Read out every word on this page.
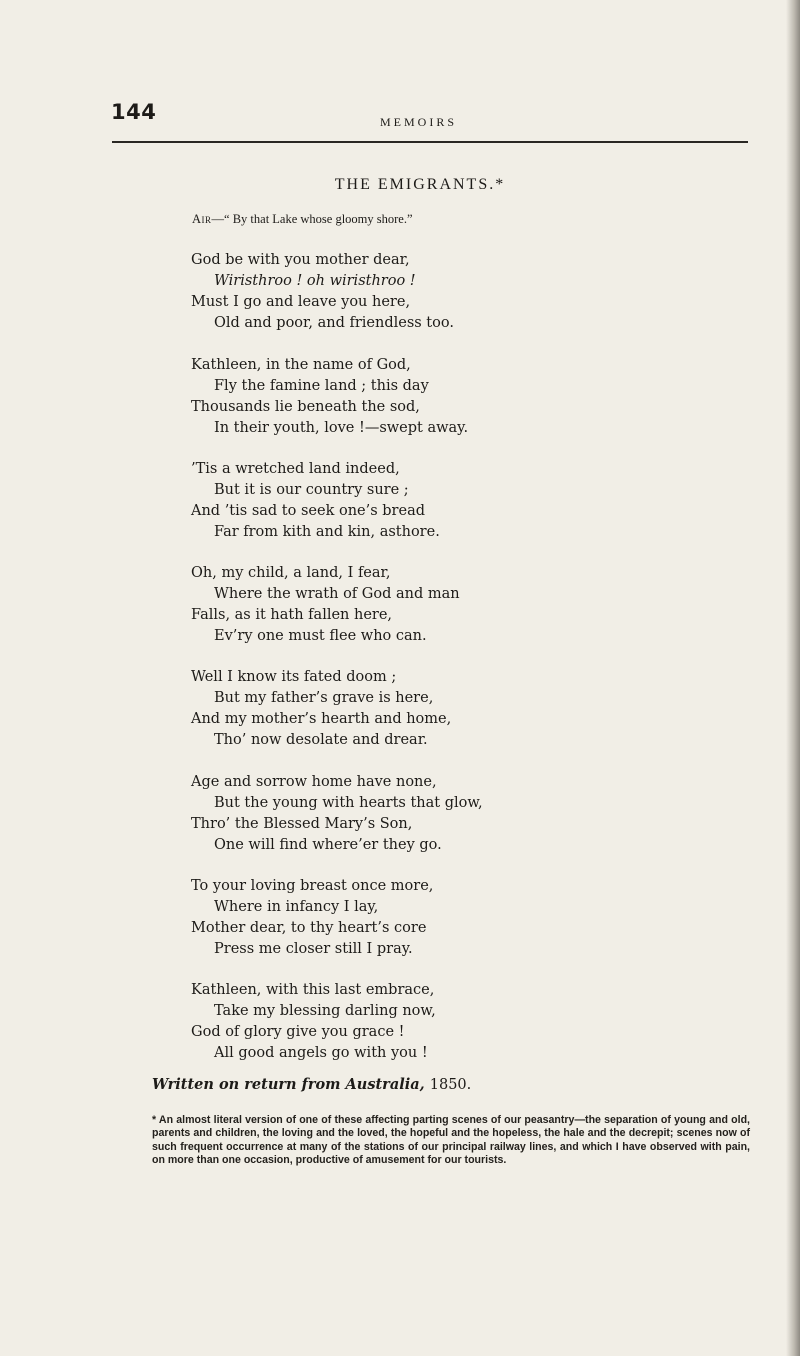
144	MEMOIRS
THE EMIGRANTS.*
Air—“ By that Lake whose gloomy shore.”
God be with you mother dear,
Wiristhroo ! oh wiristhroo !
Must I go and leave you here,
Old and poor, and friendless too.
Kathleen, in the name of God,
Fly the famine land ; this day
Thousands lie beneath the sod,
In their youth, love !—swept away.
’Tis a wretched land indeed,
But it is our country sure ;
And ’tis sad to seek one’s bread
Far from kith and kin, asthore.
Oh, my child, a land, I fear,
Where the wrath of God and man
Falls, as it hath fallen here,
Ev’ry one must flee who can.
Well I know its fated doom ;
But my father’s grave is here,
And my mother’s hearth and home,
Tho’ now desolate and drear.
Age and sorrow home have none,
But the young with hearts that glow,
Thro’ the Blessed Mary’s Son,
One will find where’er they go.
To your loving breast once more,
Where in infancy I lay,
Mother dear, to thy heart’s core
Press me closer still I pray.
Kathleen, with this last embrace,
Take my blessing darling now,
God of glory give you grace !
All good angels go with you !
Written on return from Australia, 1850.
* An almost literal version of one of these affecting parting scenes of our peasantry—the separation of young and old, parents and children, the loving and the loved, the hopeful and the hopeless, the hale and the decrepit; scenes now of such frequent occurrence at many of the stations of our principal railway lines, and which I have observed with pain, on more than one occasion, productive of amusement for our tourists.
